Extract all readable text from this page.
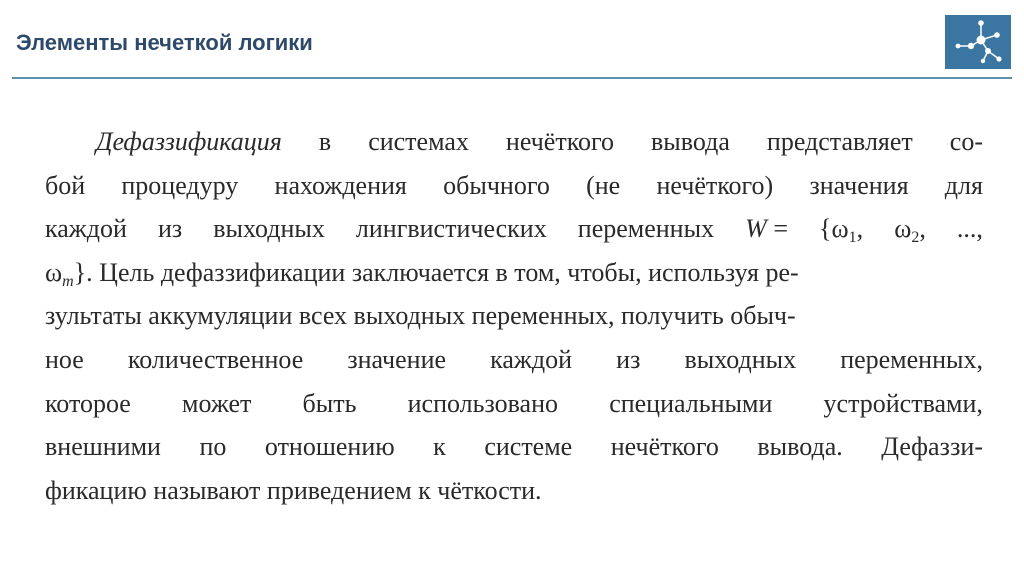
Элементы нечеткой логики
Дефаззификация в системах нечёткого вывода представляет со-
бой процедуру нахождения обычного (не нечёткого) значения для
каждой из выходных лингвистических переменных $W = \{\omega_1$, $\omega_2$, ...,
$\omega_m$}. Цель дефаззификации заключается в том, чтобы, используя ре-
зультаты аккумуляции всех выходных переменных, получить обыч-
ное количественное значение каждой из выходных переменных,
которое может быть использовано специальными устройствами,
внешними по отношению к системе нечёткого вывода. Дефаззи-
фикацию называют приведением к чёткости.
